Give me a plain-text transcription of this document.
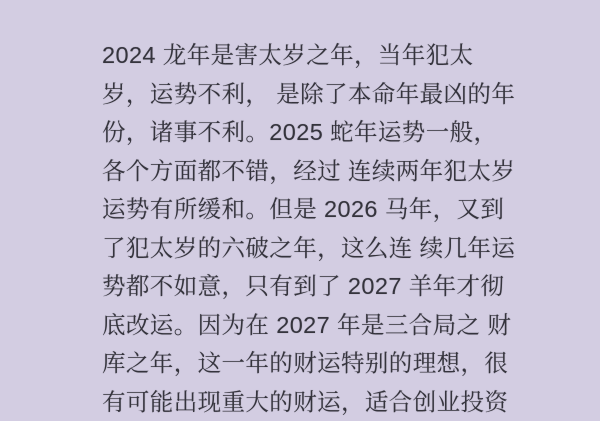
2024 龙年是害太岁之年，当年犯太
岁，运势不利， 是除了本命年最凶的年
份，诸事不利。2025 蛇年运势一般，
各个方面都不错，经过 连续两年犯太岁
运势有所缓和。但是 2026 马年，又到
了犯太岁的六破之年，这么连 续几年运
势都不如意，只有到了 2027 羊年才彻
底改运。因为在 2027 年是三合局之 财
库之年，这一年的财运特别的理想，很
有可能出现重大的财运，适合创业投资
